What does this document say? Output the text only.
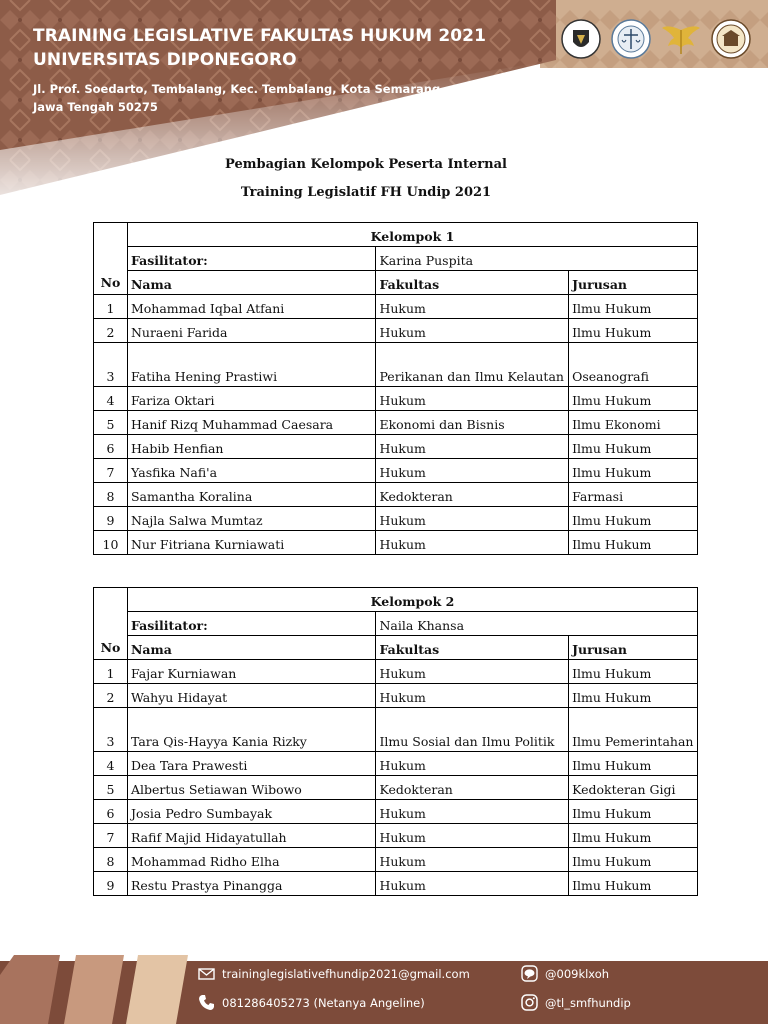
TRAINING LEGISLATIVE FAKULTAS HUKUM 2021
UNIVERSITAS DIPONEGORO
Jl. Prof. Soedarto, Tembalang, Kec. Tembalang, Kota Semarang,
Jawa Tengah 50275
Pembagian Kelompok Peserta Internal
Training Legislatif FH Undip 2021
No	Kelompok 1		
	Fasilitator:	Karina Puspita	
	Nama	Fakultas	Jurusan
1	Mohammad Iqbal Atfani	Hukum	Ilmu Hukum
2	Nuraeni Farida	Hukum	Ilmu Hukum
3	Fatiha Hening Prastiwi	Perikanan dan Ilmu Kelautan	Oseanografi
4	Fariza Oktari	Hukum	Ilmu Hukum
5	Hanif Rizq Muhammad Caesara	Ekonomi dan Bisnis	Ilmu Ekonomi
6	Habib Henfian	Hukum	Ilmu Hukum
7	Yasfika Nafi'a	Hukum	Ilmu Hukum
8	Samantha Koralina	Kedokteran	Farmasi
9	Najla Salwa Mumtaz	Hukum	Ilmu Hukum
10	Nur Fitriana Kurniawati	Hukum	Ilmu Hukum
No	Kelompok 2		
	Fasilitator:	Naila Khansa	
	Nama	Fakultas	Jurusan
1	Fajar Kurniawan	Hukum	Ilmu Hukum
2	Wahyu Hidayat	Hukum	Ilmu Hukum
3	Tara Qis-Hayya Kania Rizky	Ilmu Sosial dan Ilmu Politik	Ilmu Pemerintahan
4	Dea Tara Prawesti	Hukum	Ilmu Hukum
5	Albertus Setiawan Wibowo	Kedokteran	Kedokteran Gigi
6	Josia Pedro Sumbayak	Hukum	Ilmu Hukum
7	Rafif Majid Hidayatullah	Hukum	Ilmu Hukum
8	Mohammad Ridho Elha	Hukum	Ilmu Hukum
9	Restu Prastya Pinangga	Hukum	Ilmu Hukum
traininglegislativefhundip2021@gmail.com
081286405273 (Netanya Angeline)
@009klxoh
@tl_smfhundip
